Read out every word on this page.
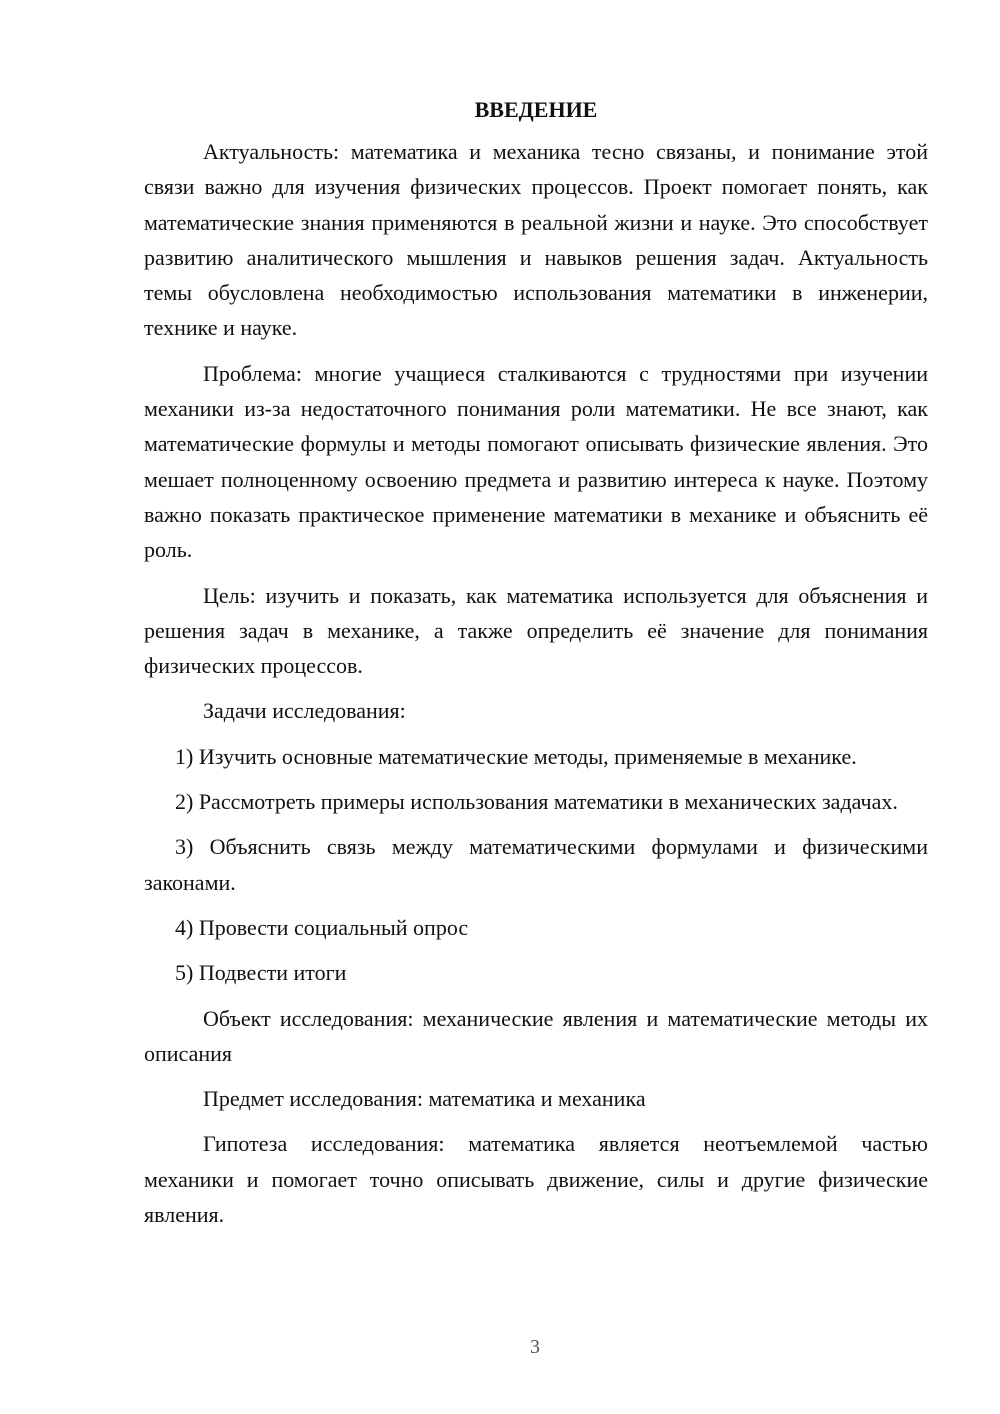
ВВЕДЕНИЕ

Актуальность: математика и механика тесно связаны, и понимание этой связи важно для изучения физических процессов. Проект помогает понять, как математические знания применяются в реальной жизни и науке. Это способствует развитию аналитического мышления и навыков решения задач. Актуальность темы обусловлена необходимостью использования математики в инженерии, технике и науке.

Проблема: многие учащиеся сталкиваются с трудностями при изучении механики из-за недостаточного понимания роли математики. Не все знают, как математические формулы и методы помогают описывать физические явления. Это мешает полноценному освоению предмета и развитию интереса к науке. Поэтому важно показать практическое применение математики в механике и объяснить её роль.

Цель: изучить и показать, как математика используется для объяснения и решения задач в механике, а также определить её значение для понимания физических процессов.

Задачи исследования:

1) Изучить основные математические методы, применяемые в механике.

2) Рассмотреть примеры использования математики в механических задачах.

3) Объяснить связь между математическими формулами и физическими законами.

4) Провести социальный опрос

5) Подвести итоги

Объект исследования: механические явления и математические методы их описания

Предмет исследования: математика и механика

Гипотеза исследования: математика является неотъемлемой частью механики и помогает точно описывать движение, силы и другие физические явления.

3
